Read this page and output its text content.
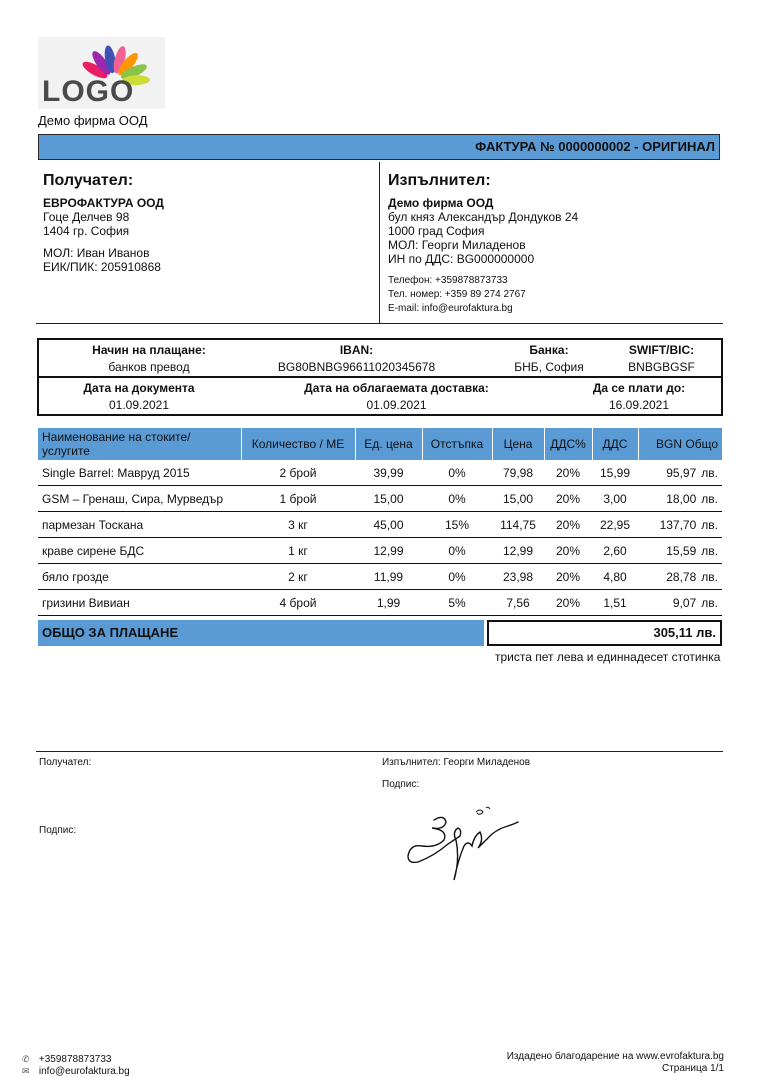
LOGO
Демо фирма ООД
ФАКТУРА № 0000000002 - ОРИГИНАЛ
Получател:
ЕВРОФАКТУРА ООД
Гоце Делчев 98
1404 гр. София
МОЛ: Иван Иванов
ЕИК/ПИК: 205910868
Изпълнител:
Демо фирма ООД
бул княз Александър Дондуков 24
1000 град София
МОЛ: Георги Миладенов
ИН по ДДС: BG000000000
Телефон: +359878873733
Тел. номер: +359 89 274 2767
E-mail: info@eurofaktura.bg
Начин на плащане:
банков превод
IBAN:
BG80BNBG96611020345678
Банка:
БНБ, София
SWIFT/BIC:
BNBGBGSF
Дата на документа
01.09.2021
Дата на облагаемата доставка:
01.09.2021
Да се плати до:
16.09.2021
Наименование на стоките/услугите	Количество / МЕ	Ед. цена	Отстъпка	Цена	ДДС%	ДДС	BGN Общо
Single Barrel: Мавруд 2015	2 брой	39,99	0%	79,98	20%	15,99	95,97 лв.
GSM – Гренаш, Сира, Мурведър	1 брой	15,00	0%	15,00	20%	3,00	18,00 лв.
пармезан Тоскана	3 кг	45,00	15%	114,75	20%	22,95	137,70 лв.
краве сирене БДС	1 кг	12,99	0%	12,99	20%	2,60	15,59 лв.
бяло грозде	2 кг	11,99	0%	23,98	20%	4,80	28,78 лв.
гризини Вивиан	4 брой	1,99	5%	7,56	20%	1,51	9,07 лв.
ОБЩО ЗА ПЛАЩАНЕ	305,11 лв.
триста пет лева и единнадесет стотинка
Получател:	Изпълнител: Георги Миладенов
Подпис:
Подпис:
✆ +359878873733
✉ info@eurofaktura.bg
Издадено благодарение на www.evrofaktura.bg
Страница 1/1
